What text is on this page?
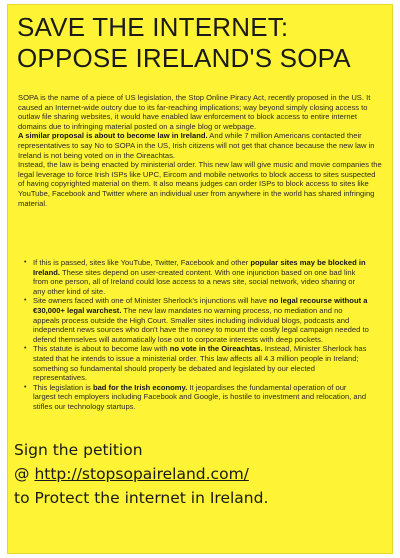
SAVE THE INTERNET:
OPPOSE IRELAND'S SOPA

SOPA is the name of a piece of US legislation, the Stop Online Piracy Act, recently proposed in the US. It caused an Internet-wide outcry due to its far-reaching implications; way beyond simply closing access to outlaw file sharing websites, it would have enabled law enforcement to block access to entire internet domains due to infringing material posted on a single blog or webpage.

A similar proposal is about to become law in Ireland. And while 7 million Americans contacted their representatives to say No to SOPA in the US, Irish citizens will not get that chance because the new law in Ireland is not being voted on in the Oireachtas.

Instead, the law is being enacted by ministerial order. This new law will give music and movie companies the legal leverage to force Irish ISPs like UPC, Eircom and mobile networks to block access to sites suspected of having copyrighted material on them. It also means judges can order ISPs to block access to sites like YouTube, Facebook and Twitter where an individual user from anywhere in the world has shared infringing material.

• If this is passed, sites like YouTube, Twitter, Facebook and other popular sites may be blocked in Ireland. These sites depend on user-created content. With one injunction based on one bad link from one person, all of Ireland could lose access to a news site, social network, video sharing or any other kind of site.
• Site owners faced with one of Minister Sherlock's injunctions will have no legal recourse without a €30,000+ legal warchest. The new law mandates no warning process, no mediation and no appeals process outside the High Court. Smaller sites including individual blogs, podcasts and independent news sources who don't have the money to mount the costly legal campaign needed to defend themselves will automatically lose out to corporate interests with deep pockets.
• This statute is about to become law with no vote in the Oireachtas. Instead, Minister Sherlock has stated that he intends to issue a ministerial order. This law affects all 4.3 million people in Ireland; something so fundamental should properly be debated and legislated by our elected representatives.
• This legislation is bad for the Irish economy. It jeopardises the fundamental operation of our largest tech employers including Facebook and Google, is hostile to investment and relocation, and stifles our technology startups.
Sign the petition
@ http://stopsopaireland.com/
to Protect the internet in Ireland.
